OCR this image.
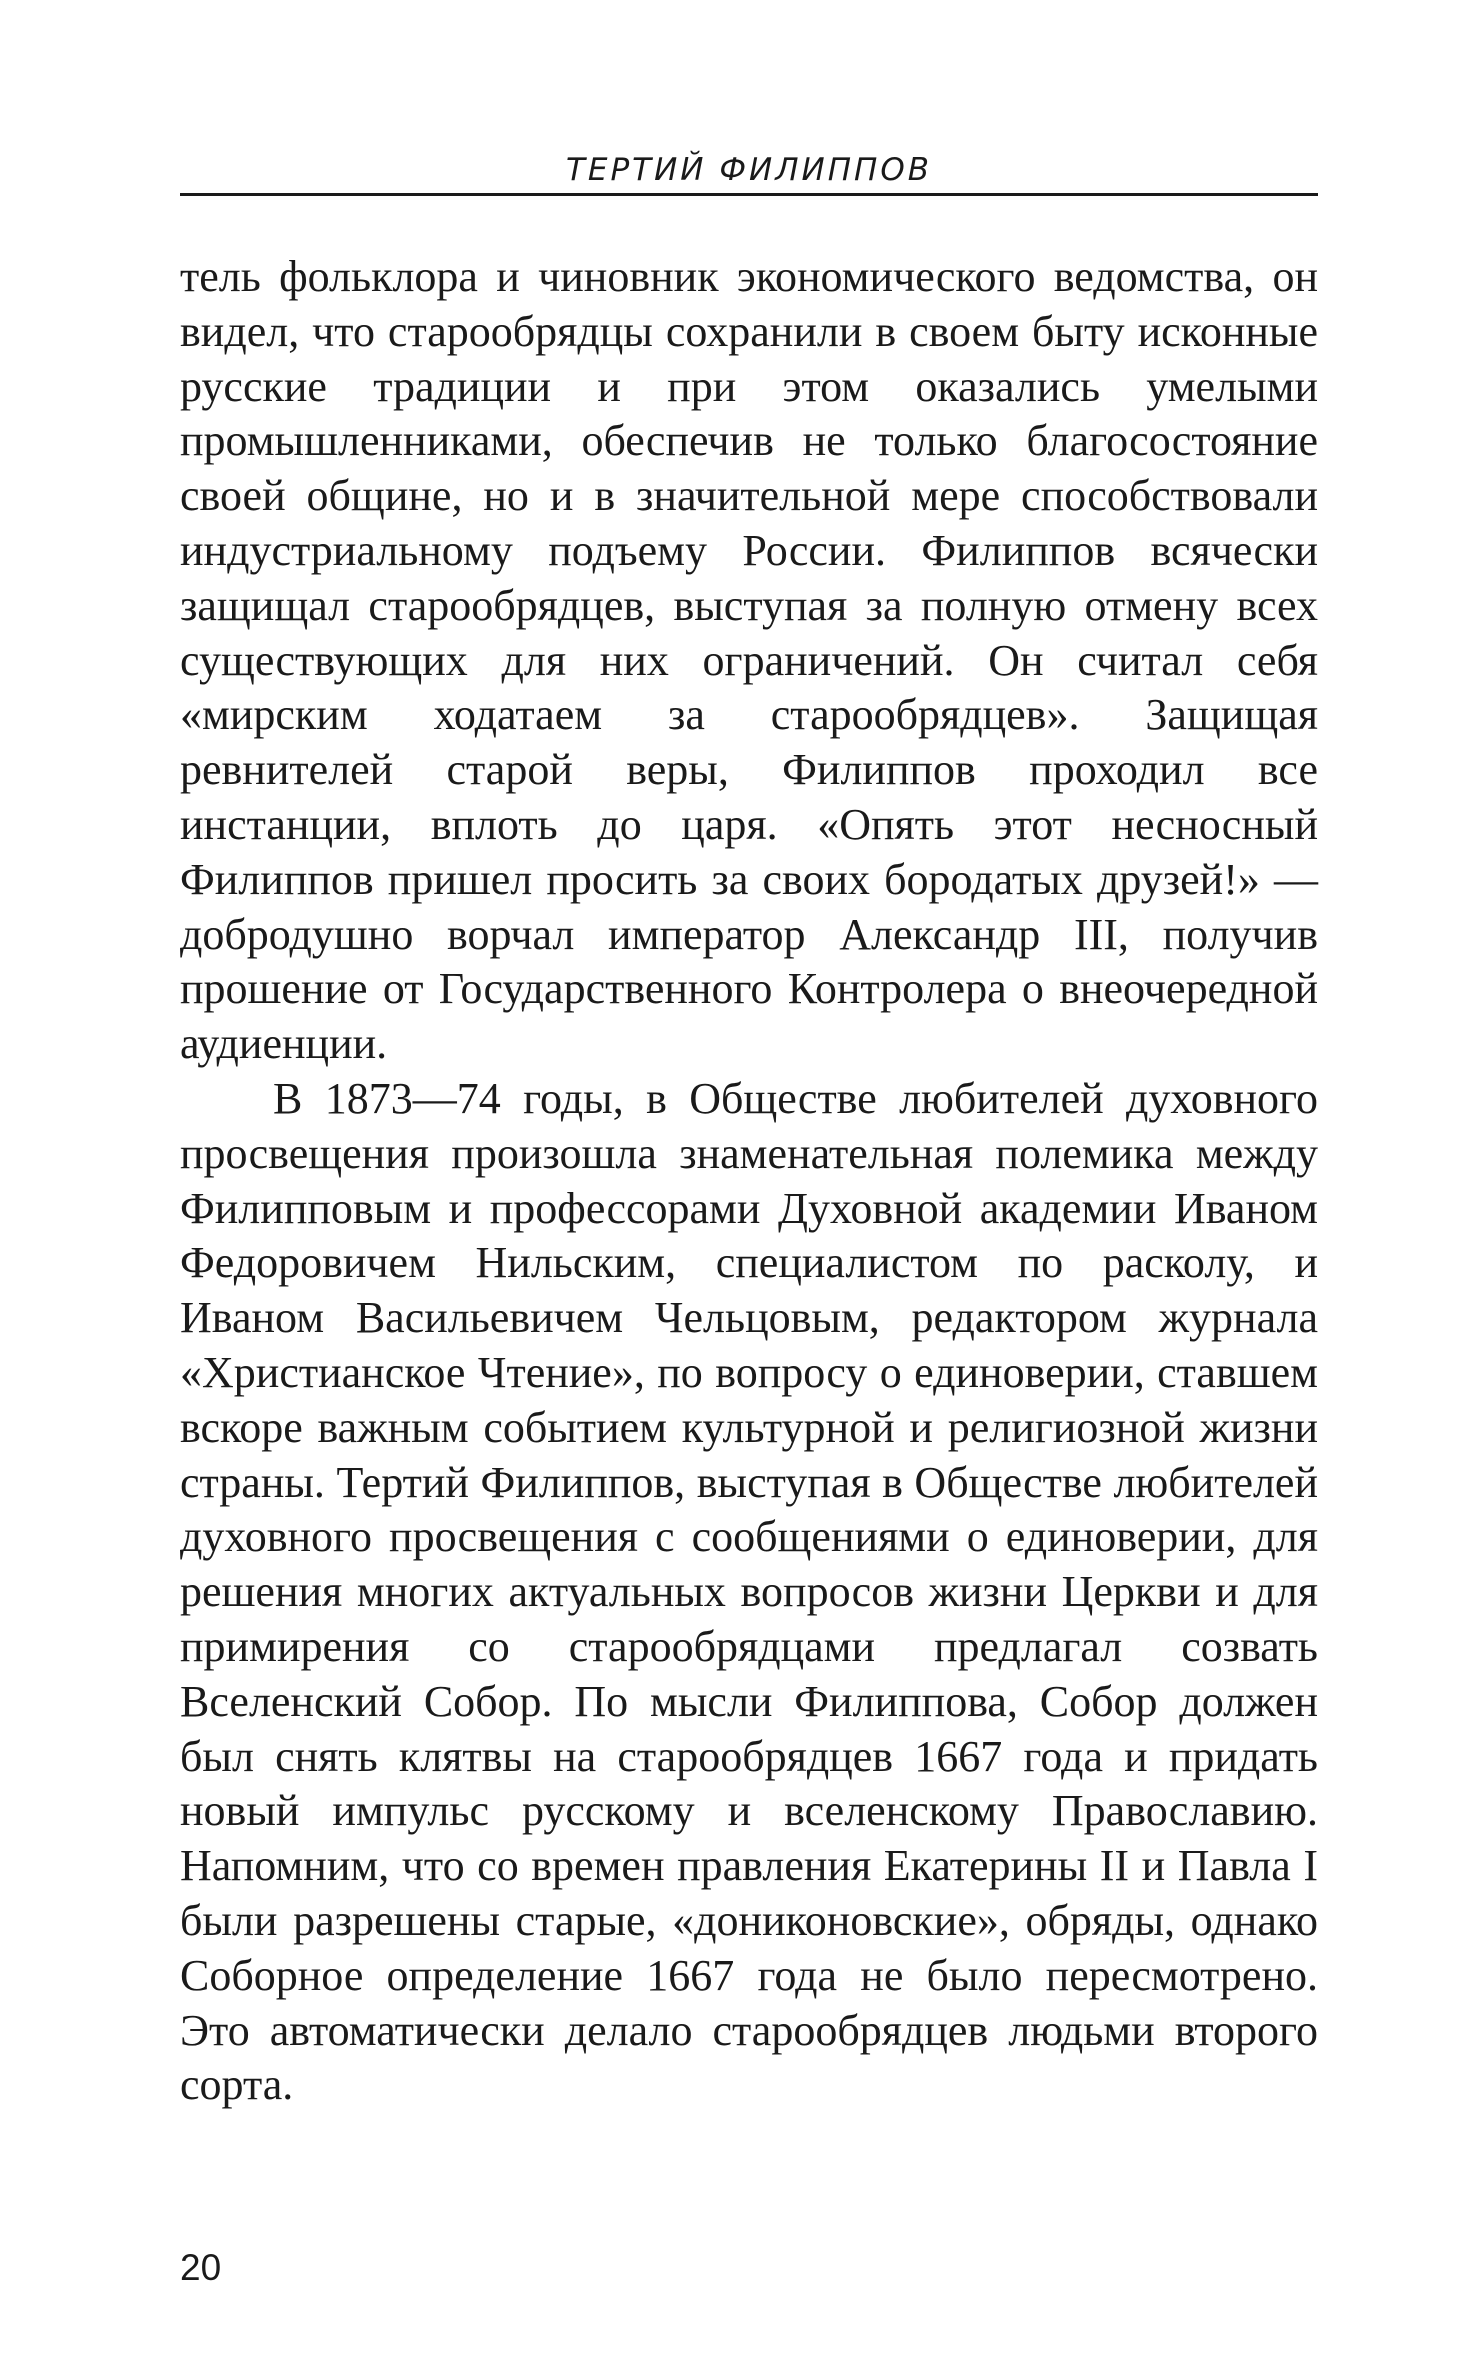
ТЕРТИЙ ФИЛИППОВ

тель фольклора и чиновник экономического ведомства, он видел, что старообрядцы сохранили в своем быту исконные русские традиции и при этом оказались умелыми промышленниками, обеспечив не только благосостояние своей общине, но и в значительной мере способствовали индустриальному подъему России. Филиппов всячески защищал старообрядцев, выступая за полную отмену всех существующих для них ограничений. Он считал себя «мирским ходатаем за старообрядцев». Защищая ревнителей старой веры, Филиппов проходил все инстанции, вплоть до царя. «Опять этот несносный Филиппов пришел просить за своих бородатых друзей!» — добродушно ворчал император Александр III, получив прошение от Государственного Контролера о внеочередной аудиенции.

В 1873—74 годы, в Обществе любителей духовного просвещения произошла знаменательная полемика между Филипповым и профессорами Духовной академии Иваном Федоровичем Нильским, специалистом по расколу, и Иваном Васильевичем Чельцовым, редактором журнала «Христианское Чтение», по вопросу о единоверии, ставшем вскоре важным событием культурной и религиозной жизни страны. Тертий Филиппов, выступая в Обществе любителей духовного просвещения с сообщениями о единоверии, для решения многих актуальных вопросов жизни Церкви и для примирения со старообрядцами предлагал созвать Вселенский Собор. По мысли Филиппова, Собор должен был снять клятвы на старообрядцев 1667 года и придать новый импульс русскому и вселенскому Православию. Напомним, что со времен правления Екатерины II и Павла I были разрешены старые, «дониконовские», обряды, однако Соборное определение 1667 года не было пересмотрено. Это автоматически делало старообрядцев людьми второго сорта.

20
